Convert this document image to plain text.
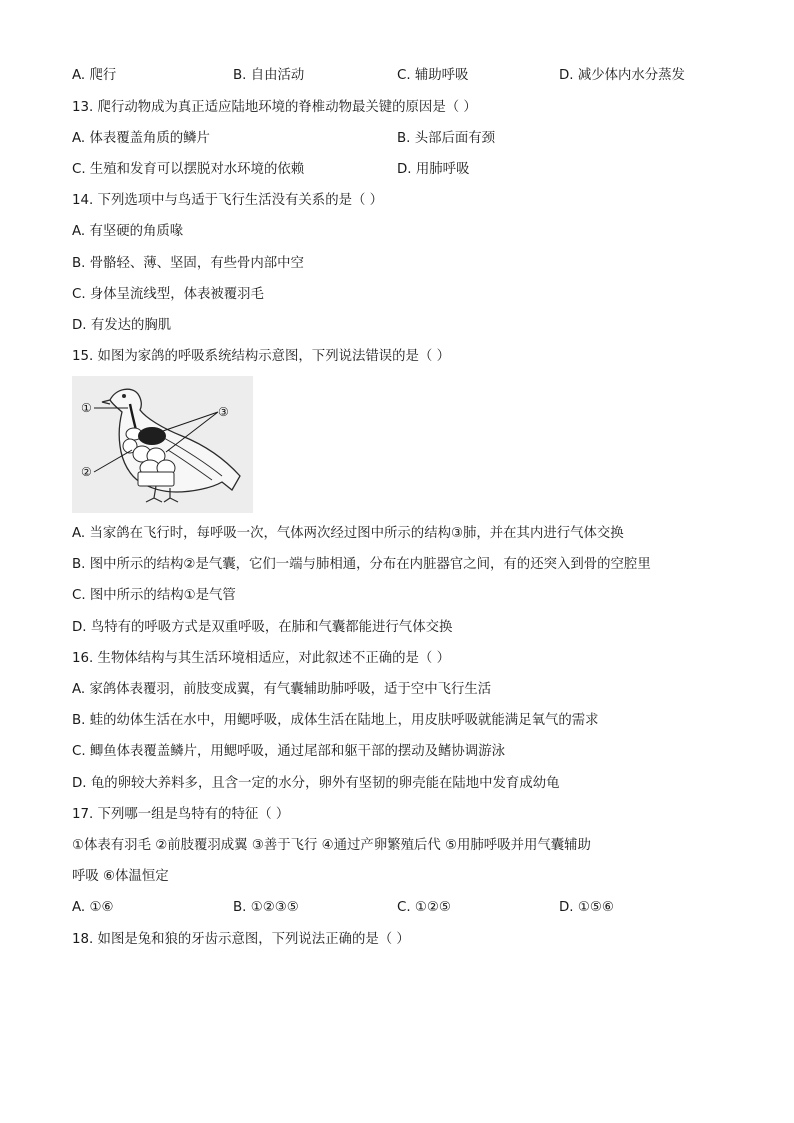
A. 爬行	B. 自由活动	C. 辅助呼吸	D. 减少体内水分蒸发
13. 爬行动物成为真正适应陆地环境的脊椎动物最关键的原因是（ ）
A. 体表覆盖角质的鳞片	B. 头部后面有颈
C. 生殖和发育可以摆脱对水环境的依赖	D. 用肺呼吸
14. 下列选项中与鸟适于飞行生活没有关系的是（ ）
A. 有坚硬的角质喙
B. 骨骼轻、薄、坚固，有些骨内部中空
C. 身体呈流线型，体表被覆羽毛
D. 有发达的胸肌
15. 如图为家鸽的呼吸系统结构示意图，下列说法错误的是（ ）
①
②
③
A. 当家鸽在飞行时，每呼吸一次，气体两次经过图中所示的结构③肺，并在其内进行气体交换
B. 图中所示的结构②是气囊，它们一端与肺相通，分布在内脏器官之间，有的还突入到骨的空腔里
C. 图中所示的结构①是气管
D. 鸟特有的呼吸方式是双重呼吸，在肺和气囊都能进行气体交换
16. 生物体结构与其生活环境相适应，对此叙述不正确的是（ ）
A. 家鸽体表覆羽，前肢变成翼，有气囊辅助肺呼吸，适于空中飞行生活
B. 蛙的幼体生活在水中，用鳃呼吸，成体生活在陆地上，用皮肤呼吸就能满足氧气的需求
C. 鲫鱼体表覆盖鳞片，用鳃呼吸，通过尾部和躯干部的摆动及鳍协调游泳
D. 龟的卵较大养料多，且含一定的水分，卵外有坚韧的卵壳能在陆地中发育成幼龟
17. 下列哪一组是鸟特有的特征（ ）
①体表有羽毛 ②前肢覆羽成翼 ③善于飞行 ④通过产卵繁殖后代 ⑤用肺呼吸并用气囊辅助
呼吸 ⑥体温恒定
A. ①⑥	B. ①②③⑤	C. ①②⑤	D. ①⑤⑥
18. 如图是兔和狼的牙齿示意图，下列说法正确的是（ ）
